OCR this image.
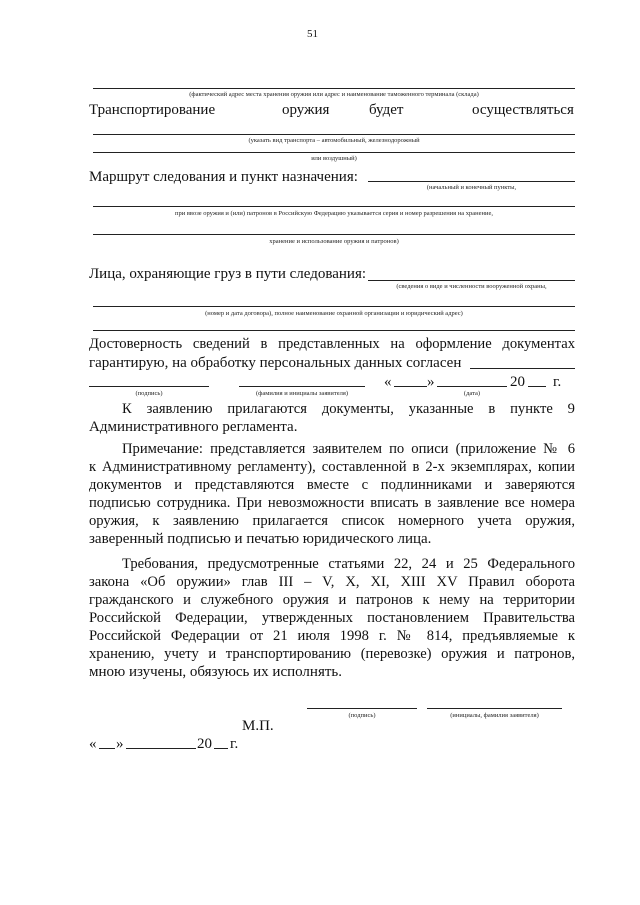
51
(фактический адрес места хранения оружия или адрес и наименование таможенного терминала (склада)
Транспортирование	оружия	будет	осуществляться
(указать вид транспорта – автомобильный, железнодорожный
или воздушный)
Маршрут следования и пункт назначения:
(начальный и конечный пункты,
при ввозе оружия и (или) патронов в Российскую Федерацию указывается серия и номер разрешения на хранение,
хранение и использование оружия и патронов)
Лица, охраняющие груз в пути следования:
(сведения о виде и численности вооруженной охраны,
(номер и дата договора), полное наименование охранной организации и юридический адрес)
Достоверность сведений в представленных на оформление документах
гарантирую, на обработку персональных данных согласен
« »	20 г.
(подпись)	(фамилия и инициалы заявителя)	(дата)
К заявлению прилагаются документы, указанные в пункте 9
Административного регламента.
Примечание: представляется заявителем по описи (приложение № 6
к Административному регламенту), составленной в 2-х экземплярах, копии
документов и представляются вместе с подлинниками и заверяются
подписью сотрудника. При невозможности вписать в заявление все номера
оружия, к заявлению прилагается список номерного учета оружия,
заверенный подписью и печатью юридического лица.
Требования, предусмотренные статьями 22, 24 и 25 Федерального
закона «Об оружии» глав III – V, X, XI, XIII XV Правил оборота
гражданского и служебного оружия и патронов к нему на территории
Российской Федерации, утвержденных постановлением Правительства
Российской Федерации от 21 июля 1998 г. № 814, предъявляемые к
хранению, учету и транспортированию (перевозке) оружия и патронов,
мною изучены, обязуюсь их исполнять.
(подпись)	(инициалы, фамилия заявителя)
М.П.
« »	20 г.
